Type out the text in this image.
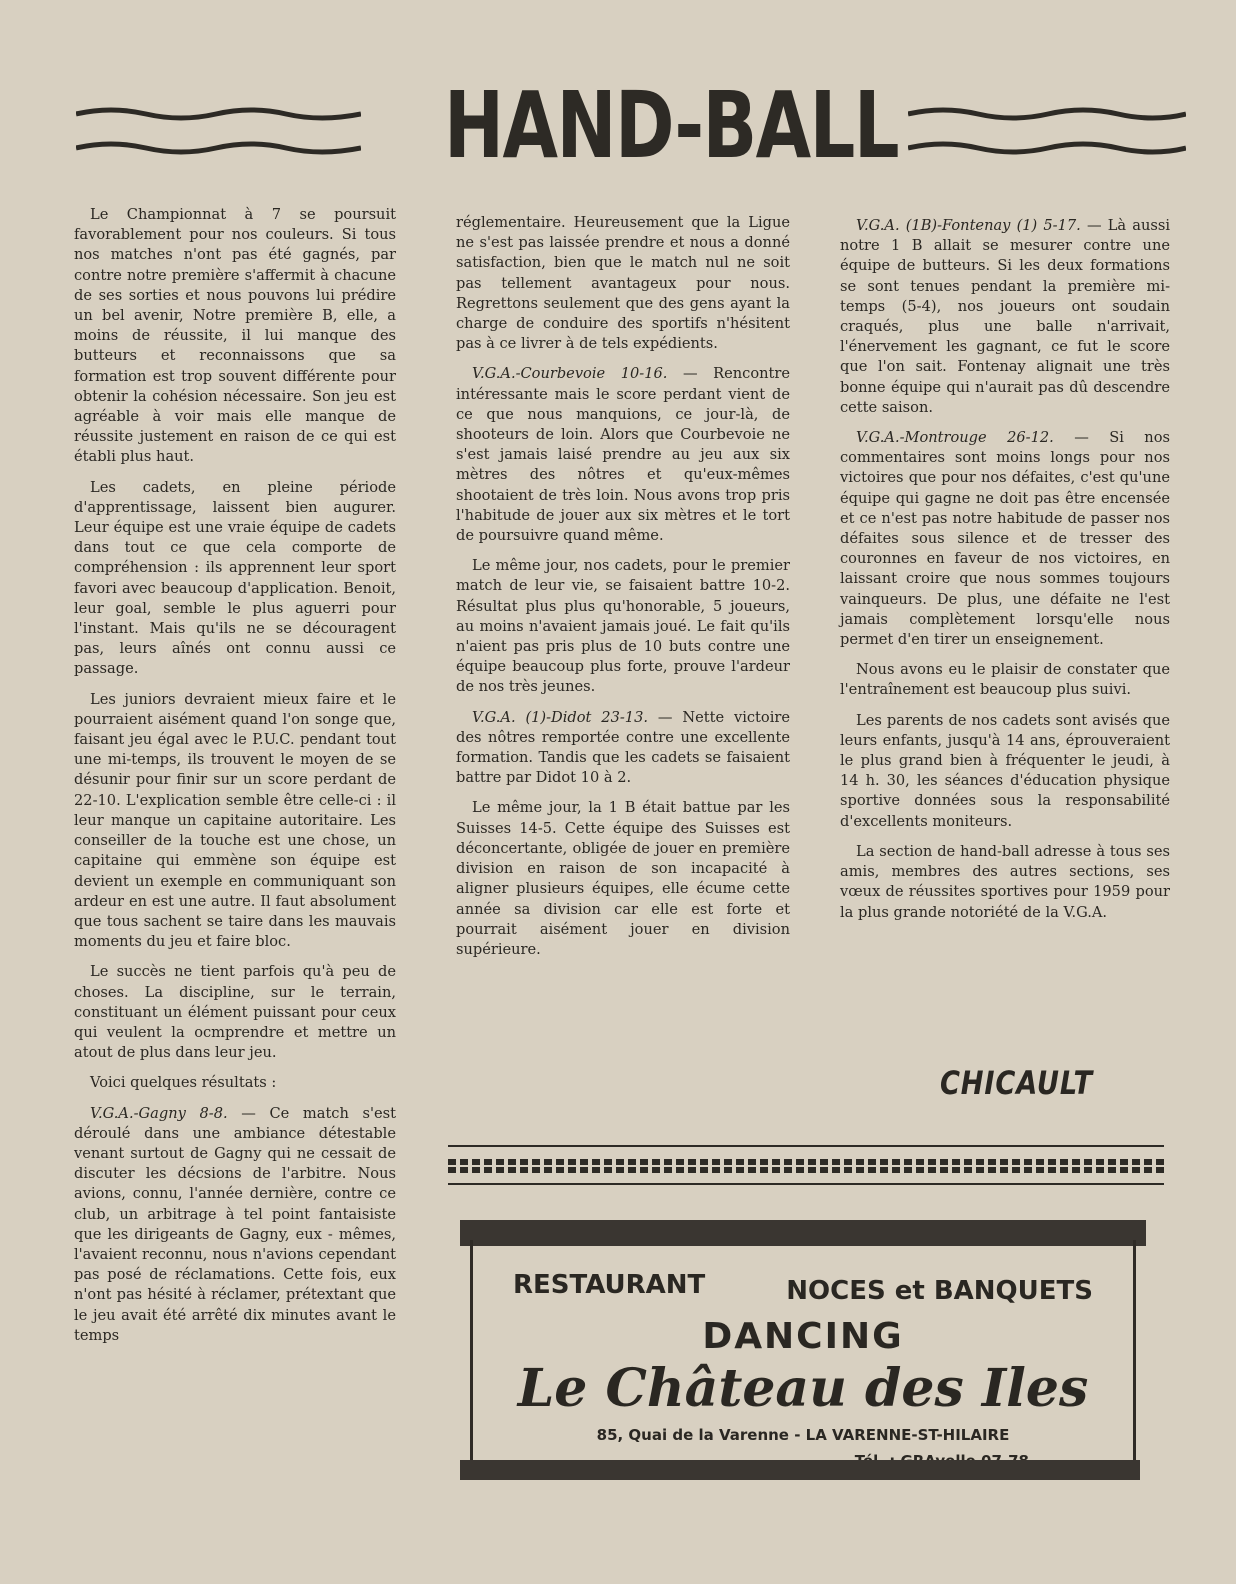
HAND-BALL

Le Championnat à 7 se poursuit favorablement pour nos couleurs. Si tous nos matches n'ont pas été gagnés, par contre notre première s'affermit à chacune de ses sorties et nous pouvons lui prédire un bel avenir, Notre première B, elle, a moins de réussite, il lui manque des butteurs et reconnaissons que sa formation est trop souvent différente pour obtenir la cohésion nécessaire. Son jeu est agréable à voir mais elle manque de réussite justement en raison de ce qui est établi plus haut.

Les cadets, en pleine période d'apprentissage, laissent bien augurer. Leur équipe est une vraie équipe de cadets dans tout ce que cela comporte de compréhension : ils apprennent leur sport favori avec beaucoup d'application. Benoit, leur goal, semble le plus aguerri pour l'instant. Mais qu'ils ne se découragent pas, leurs aînés ont connu aussi ce passage.

Les juniors devraient mieux faire et le pourraient aisément quand l'on songe que, faisant jeu égal avec le P.U.C. pendant tout une mi-temps, ils trouvent le moyen de se désunir pour finir sur un score perdant de 22-10. L'explication semble être celle-ci : il leur manque un capitaine autoritaire. Les conseiller de la touche est une chose, un capitaine qui emmène son équipe est devient un exemple en communiquant son ardeur en est une autre. Il faut absolument que tous sachent se taire dans les mauvais moments du jeu et faire bloc.

Le succès ne tient parfois qu'à peu de choses. La discipline, sur le terrain, constituant un élément puissant pour ceux qui veulent la ocmprendre et mettre un atout de plus dans leur jeu.

Voici quelques résultats :

V.G.A.-Gagny 8-8. — Ce match s'est déroulé dans une ambiance détestable venant surtout de Gagny qui ne cessait de discuter les décsions de l'arbitre. Nous avions, connu, l'année dernière, contre ce club, un arbitrage à tel point fantaisiste que les dirigeants de Gagny, eux - mêmes, l'avaient reconnu, nous n'avions cependant pas posé de réclamations. Cette fois, eux n'ont pas hésité à réclamer, prétextant que le jeu avait été arrêté dix minutes avant le temps

réglementaire. Heureusement que la Ligue ne s'est pas laissée prendre et nous a donné satisfaction, bien que le match nul ne soit pas tellement avantageux pour nous. Regrettons seulement que des gens ayant la charge de conduire des sportifs n'hésitent pas à ce livrer à de tels expédients.

V.G.A.-Courbevoie 10-16. — Rencontre intéressante mais le score perdant vient de ce que nous manquions, ce jour-là, de shooteurs de loin. Alors que Courbevoie ne s'est jamais laisé prendre au jeu aux six mètres des nôtres et qu'eux-mêmes shootaient de très loin. Nous avons trop pris l'habitude de jouer aux six mètres et le tort de poursuivre quand même.

Le même jour, nos cadets, pour le premier match de leur vie, se faisaient battre 10-2. Résultat plus plus qu'honorable, 5 joueurs, au moins n'avaient jamais joué. Le fait qu'ils n'aient pas pris plus de 10 buts contre une équipe beaucoup plus forte, prouve l'ardeur de nos très jeunes.

V.G.A. (1)-Didot 23-13. — Nette victoire des nôtres remportée contre une excellente formation. Tandis que les cadets se faisaient battre par Didot 10 à 2.

Le même jour, la 1 B était battue par les Suisses 14-5. Cette équipe des Suisses est déconcertante, obligée de jouer en première division en raison de son incapacité à aligner plusieurs équipes, elle écume cette année sa division car elle est forte et pourrait aisément jouer en division supérieure.

V.G.A. (1B)-Fontenay (1) 5-17. — Là aussi notre 1 B allait se mesurer contre une équipe de butteurs. Si les deux formations se sont tenues pendant la première mi-temps (5-4), nos joueurs ont soudain craqués, plus une balle n'arrivait, l'énervement les gagnant, ce fut le score que l'on sait. Fontenay alignait une très bonne équipe qui n'aurait pas dû descendre cette saison.

V.G.A.-Montrouge 26-12. — Si nos commentaires sont moins longs pour nos victoires que pour nos défaites, c'est qu'une équipe qui gagne ne doit pas être encensée et ce n'est pas notre habitude de passer nos défaites sous silence et de tresser des couronnes en faveur de nos victoires, en laissant croire que nous sommes toujours vainqueurs. De plus, une défaite ne l'est jamais complètement lorsqu'elle nous permet d'en tirer un enseignement.

Nous avons eu le plaisir de constater que l'entraînement est beaucoup plus suivi.

Les parents de nos cadets sont avisés que leurs enfants, jusqu'à 14 ans, éprouveraient le plus grand bien à fréquenter le jeudi, à 14 h. 30, les séances d'éducation physique sportive données sous la responsabilité d'excellents moniteurs.

La section de hand-ball adresse à tous ses amis, membres des autres sections, ses vœux de réussites sportives pour 1959 pour la plus grande notoriété de la V.G.A.

CHICAULT
RESTAURANT	NOCES et BANQUETS
DANCING
Le Château des Iles
85, Quai de la Varenne - LA VARENNE-ST-HILAIRE
